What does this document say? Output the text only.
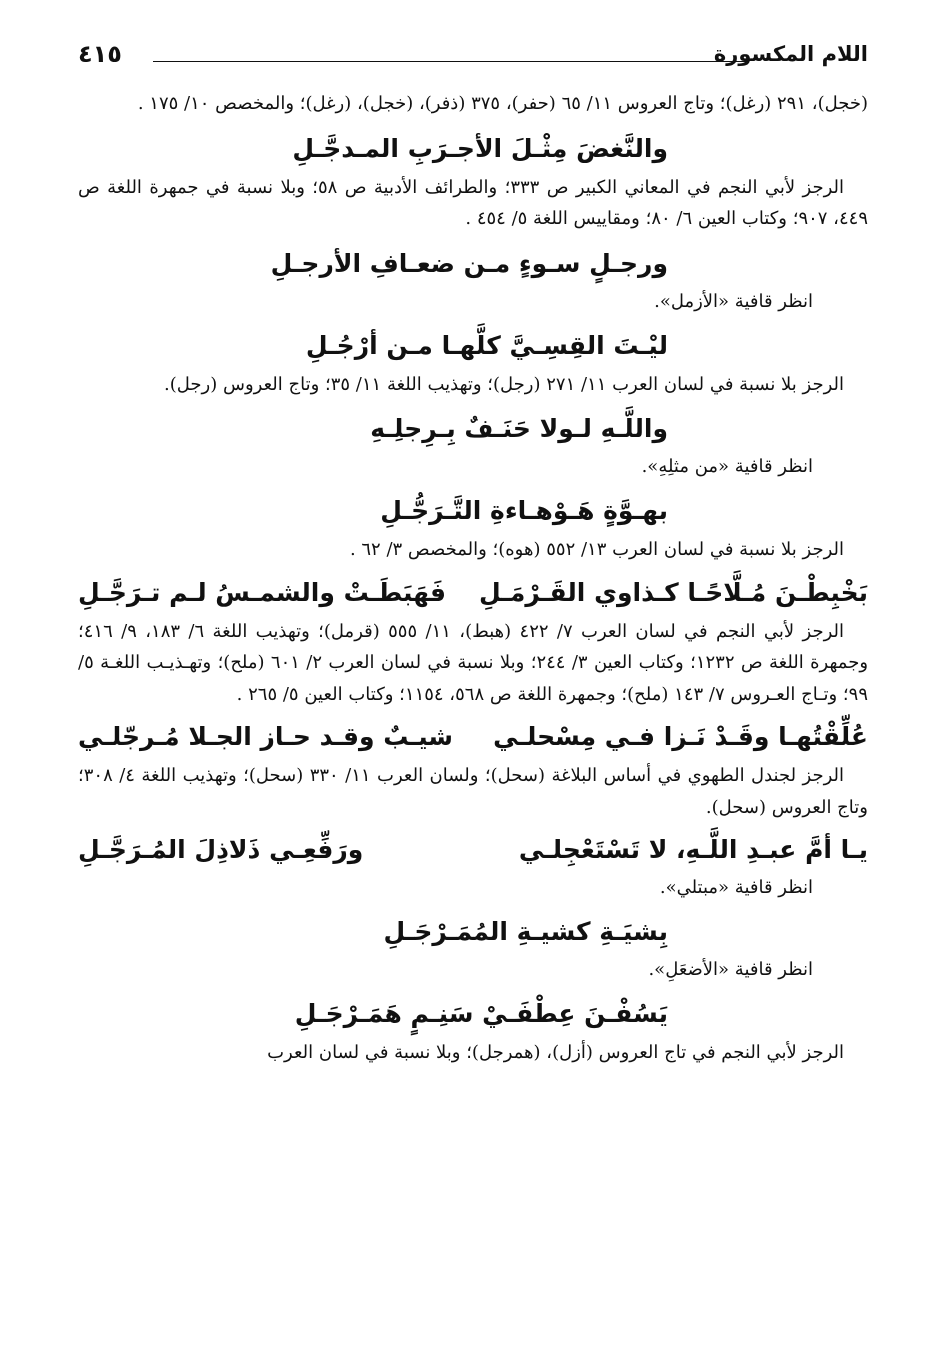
اللام المكسورة
٤١٥

(خجل)، ٢٩١ (رغل)؛ وتاج العروس ١١/ ٦٥ (حفر)، ٣٧٥ (ذفر)، (خجل)، (رغل)؛ والمخصص ١٠/ ١٧٥ .

والنَّغضَ مِثْـلَ الأجـرَبِ المـدجَّـلِ

الرجز لأبي النجم في المعاني الكبير ص ٣٣٣؛ والطرائف الأدبية ص ٥٨؛ وبلا نسبة في جمهرة اللغة ص ٤٤٩، ٩٠٧؛ وكتاب العين ٦/ ٨٠؛ ومقاييس اللغة ٥/ ٤٥٤ .

ورجـلٍ سـوءٍ مـن ضعـافِ الأرجـلِ

انظر قافية «الأزمل».

ليْـتَ القِسِـيَّ كلَّهـا مـن أرْجُـلِ

الرجز بلا نسبة في لسان العرب ١١/ ٢٧١ (رجل)؛ وتهذيب اللغة ١١/ ٣٥؛ وتاج العروس (رجل).

واللَّـهِ لـولا حَنَـفٌ بِـرِجلِـهِ

انظر قافية «من مثلِهِ».

بهـوَّةٍ هَـوْهـاءةِ التَّـرَجُّـلِ

الرجز بلا نسبة في لسان العرب ١٣/ ٥٥٢ (هوه)؛ والمخصص ٣/ ٦٢ .

بَخْبِطْـنَ مُـلَّاحًـا كـذاوي القَـرْمَـلِ
فَهَبَطَـتْ والشمـسُ لـم تـرَجَّـلِ

الرجز لأبي النجم في لسان العرب ٧/ ٤٢٢ (هبط)، ١١/ ٥٥٥ (قرمل)؛ وتهذيب اللغة ٦/ ١٨٣، ٩/ ٤١٦؛ وجمهرة اللغة ص ١٢٣٢؛ وكتاب العين ٣/ ٢٤٤؛ وبلا نسبة في لسان العرب ٢/ ٦٠١ (ملح)؛ وتهـذيـب اللغـة ٥/ ٩٩؛ وتـاج العـروس ٧/ ١٤٣ (ملح)؛ وجمهرة اللغة ص ٥٦٨، ١١٥٤؛ وكتاب العين ٥/ ٢٦٥ .

عُلِّقْتُهـا وقَـدْ نَـزا فـي مِسْحلـي
شيـبٌ وقـد حـاز الجـلا مُـرجّلـي

الرجز لجندل الطهوي في أساس البلاغة (سحل)؛ ولسان العرب ١١/ ٣٣٠ (سحل)؛ وتهذيب اللغة ٤/ ٣٠٨؛ وتاج العروس (سحل).

يـا أمَّ عبـدِ اللَّـهِ، لا تَسْتَعْجِلـي
ورَفِّعِـي ذَلاذِلَ المُـرَجَّـلِ

انظر قافية «مبتلي».

بِشيَـةِ كشيـةِ المُمَـرْجَـلِ

انظر قافية «الأضعَلِ».

يَسُفْـنَ عِطْفَـيْ سَنِـمٍ هَمَـرْجَـلِ

الرجز لأبي النجم في تاج العروس (أزل)، (همرجل)؛ وبلا نسبة في لسان العرب
